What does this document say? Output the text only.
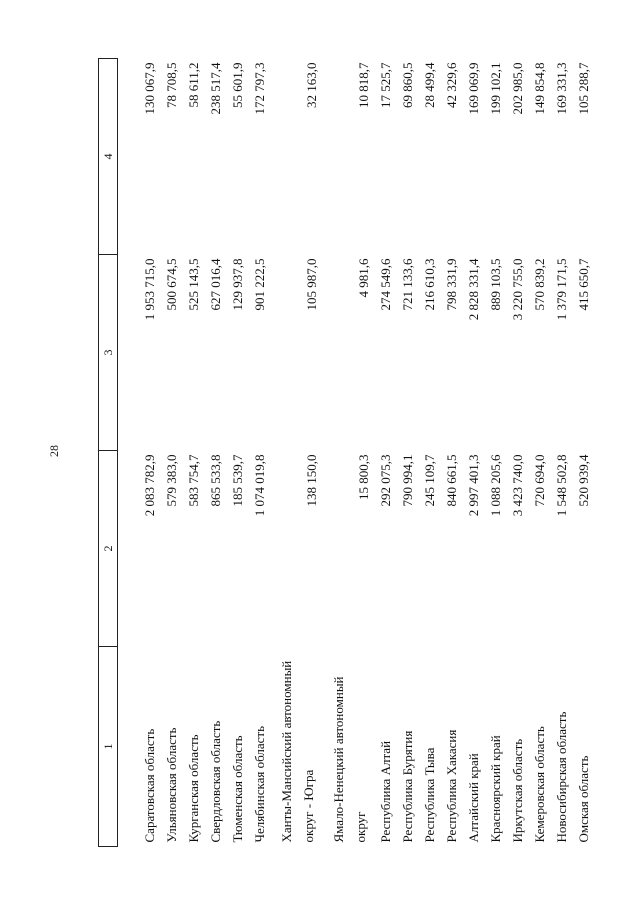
28
1	2	3	4
Саратовская область	2 083 782,9	1 953 715,0	130 067,9
Ульяновская область	579 383,0	500 674,5	78 708,5
Курганская область	583 754,7	525 143,5	58 611,2
Свердловская область	865 533,8	627 016,4	238 517,4
Тюменская область	185 539,7	129 937,8	55 601,9
Челябинская область	1 074 019,8	901 222,5	172 797,3
Ханты-Мансийский автономный округ - Югра	138 150,0	105 987,0	32 163,0
Ямало-Ненецкий автономный округ	15 800,3	4 981,6	10 818,7
Республика Алтай	292 075,3	274 549,6	17 525,7
Республика Бурятия	790 994,1	721 133,6	69 860,5
Республика Тыва	245 109,7	216 610,3	28 499,4
Республика Хакасия	840 661,5	798 331,9	42 329,6
Алтайский край	2 997 401,3	2 828 331,4	169 069,9
Красноярский край	1 088 205,6	889 103,5	199 102,1
Иркутская область	3 423 740,0	3 220 755,0	202 985,0
Кемеровская область	720 694,0	570 839,2	149 854,8
Новосибирская область	1 548 502,8	1 379 171,5	169 331,3
Омская область	520 939,4	415 650,7	105 288,7
